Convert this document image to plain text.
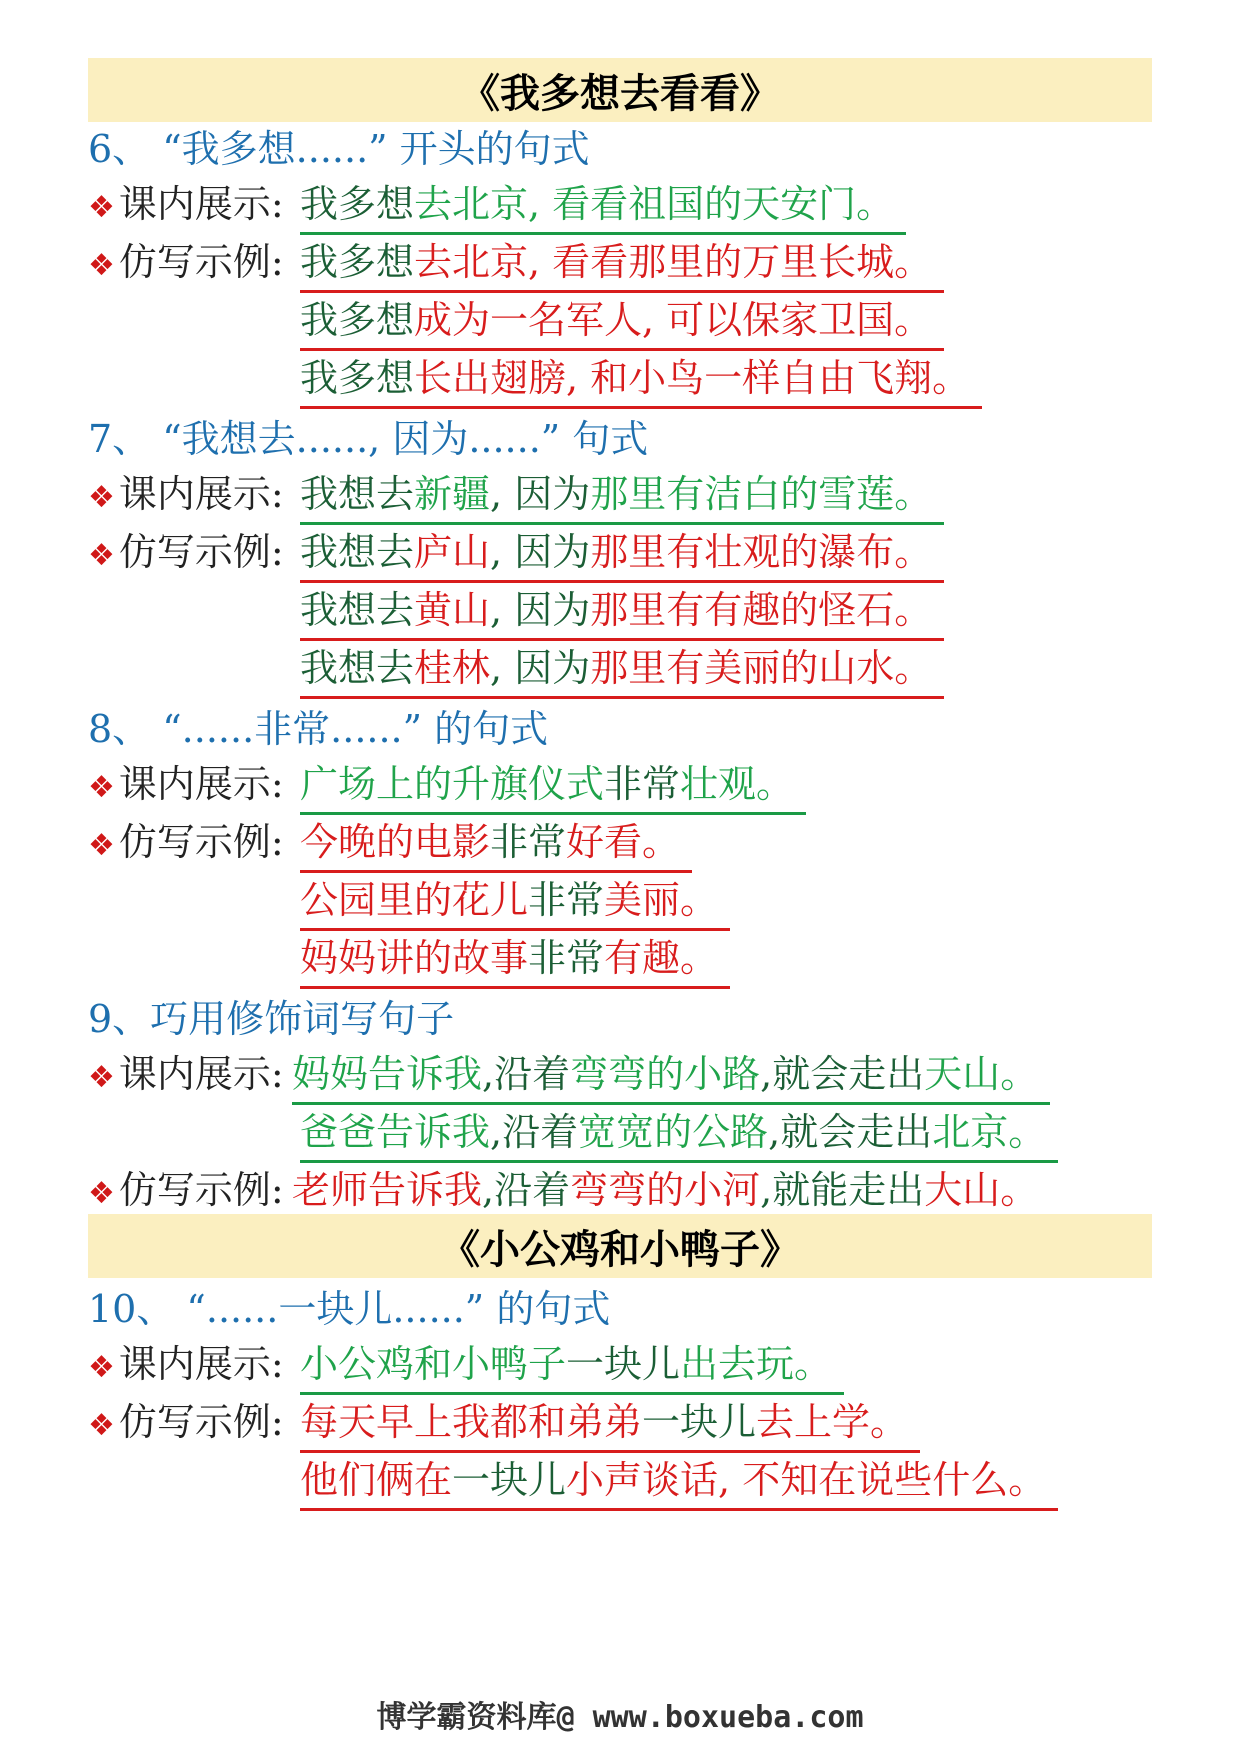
《我多想去看看》
6、 “我多想......” 开头的句式
❖ 课内展示: 我多想去北京, 看看祖国的天安门。
❖ 仿写示例: 我多想去北京, 看看那里的万里长城。
我多想成为一名军人, 可以保家卫国。
我多想长出翅膀, 和小鸟一样自由飞翔。
7、 “我想去......, 因为......” 句式
❖ 课内展示: 我想去新疆, 因为那里有洁白的雪莲。
❖ 仿写示例: 我想去庐山, 因为那里有壮观的瀑布。
我想去黄山, 因为那里有有趣的怪石。
我想去桂林, 因为那里有美丽的山水。
8、 “......非常......” 的句式
❖ 课内展示: 广场上的升旗仪式非常壮观。
❖ 仿写示例: 今晚的电影非常好看。
公园里的花儿非常美丽。
妈妈讲的故事非常有趣。
9、巧用修饰词写句子
❖ 课内展示: 妈妈告诉我,沿着弯弯的小路,就会走出天山。
爸爸告诉我,沿着宽宽的公路,就会走出北京。
❖ 仿写示例: 老师告诉我,沿着弯弯的小河,就能走出大山。
10、 “......一块儿......” 的句式
❖ 课内展示: 小公鸡和小鸭子一块儿出去玩。
❖ 仿写示例: 每天早上我都和弟弟一块儿去上学。
他们俩在一块儿小声谈话, 不知在说些什么。
《小公鸡和小鸭子》
博学霸资料库@ www.boxueba.com
